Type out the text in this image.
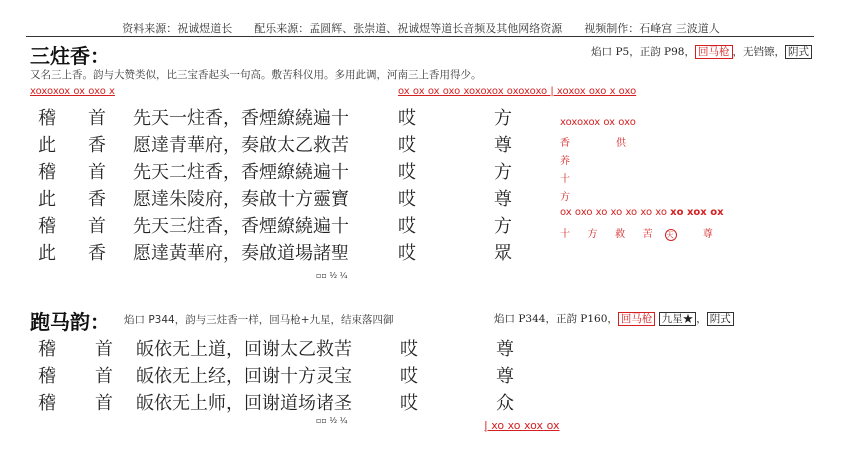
资料来源：祝诚煜道长　　配乐来源：孟圆辉、张崇道、祝诚煜等道长音频及其他网络资源　　视频制作：石峰宫 三波道人
三炷香：	焰口 P5，正韵 P98， 回马枪 ，无铛镲， 阴式
又名三上香。韵与大赞类似，比三宝香起头一句高。敷苦科仪用。多用此调，河南三上香用得少。
xoxoxox ox oxo x	ox ox ox oxo xoxoxox oxoxoxo | xoxox oxo x oxo
稽 首 先天一炷香，香煙繚繞遍十	哎	方
此 香 愿達青華府，奏啟太乙救苦	哎	尊
稽 首 先天二炷香，香煙繚繞遍十	哎	方
此 香 愿達朱陵府，奏啟十方靈寶	哎	尊
稽 首 先天三炷香，香煙繚繞遍十	哎	方
此 香 愿達黃華府，奏啟道場諸聖	哎	眾
▫▫ ½ ¼
xoxoxox ox oxo
香	供
养
十
方
ox oxo xo xo xo xo xo xo xox ox
十 方 救 苦 天	尊
跑马韵： 焰口 P344，韵与三炷香一样，回马枪+九星，结束落四御	焰口 P344，正韵 P160， 回马枪 九星★ ， 阴式
稽 首 皈依无上道，回谢太乙救苦	哎	尊
稽 首 皈依无上经，回谢十方灵宝	哎	尊
稽 首 皈依无上师，回谢道场诸圣	哎	众
▫▫ ½ ¼	| xo xo xox ox
